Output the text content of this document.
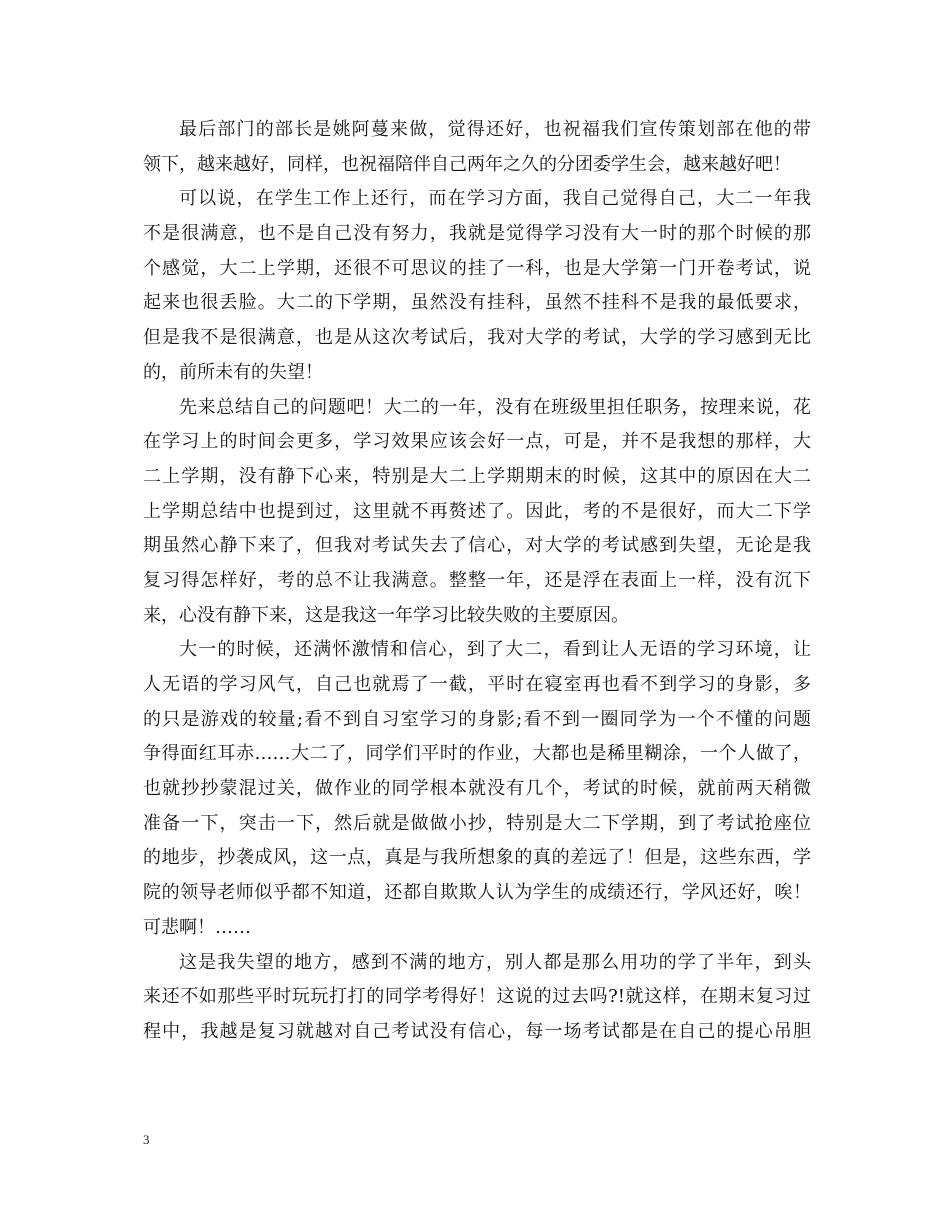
最后部门的部长是姚阿蔓来做，觉得还好，也祝福我们宣传策划部在他的带
领下，越来越好，同样，也祝福陪伴自己两年之久的分团委学生会，越来越好吧！
可以说，在学生工作上还行，而在学习方面，我自己觉得自己，大二一年我
不是很满意，也不是自己没有努力，我就是觉得学习没有大一时的那个时候的那
个感觉，大二上学期，还很不可思议的挂了一科，也是大学第一门开卷考试，说
起来也很丢脸。大二的下学期，虽然没有挂科，虽然不挂科不是我的最低要求，
但是我不是很满意，也是从这次考试后，我对大学的考试，大学的学习感到无比
的，前所未有的失望！
先来总结自己的问题吧！大二的一年，没有在班级里担任职务，按理来说，花
在学习上的时间会更多，学习效果应该会好一点，可是，并不是我想的那样，大
二上学期，没有静下心来，特别是大二上学期期末的时候，这其中的原因在大二
上学期总结中也提到过，这里就不再赘述了。因此，考的不是很好，而大二下学
期虽然心静下来了，但我对考试失去了信心，对大学的考试感到失望，无论是我
复习得怎样好，考的总不让我满意。整整一年，还是浮在表面上一样，没有沉下
来，心没有静下来，这是我这一年学习比较失败的主要原因。
大一的时候，还满怀激情和信心，到了大二，看到让人无语的学习环境，让
人无语的学习风气，自己也就焉了一截，平时在寝室再也看不到学习的身影，多
的只是游戏的较量;看不到自习室学习的身影;看不到一圈同学为一个不懂的问题
争得面红耳赤……大二了，同学们平时的作业，大都也是稀里糊涂，一个人做了，
也就抄抄蒙混过关，做作业的同学根本就没有几个，考试的时候，就前两天稍微
准备一下，突击一下，然后就是做做小抄，特别是大二下学期，到了考试抢座位
的地步，抄袭成风，这一点，真是与我所想象的真的差远了！但是，这些东西，学
院的领导老师似乎都不知道，还都自欺欺人认为学生的成绩还行，学风还好，唉！
可悲啊！……
这是我失望的地方，感到不满的地方，别人都是那么用功的学了半年，到头
来还不如那些平时玩玩打打的同学考得好！这说的过去吗?!就这样，在期末复习过
程中，我越是复习就越对自己考试没有信心，每一场考试都是在自己的提心吊胆
3
